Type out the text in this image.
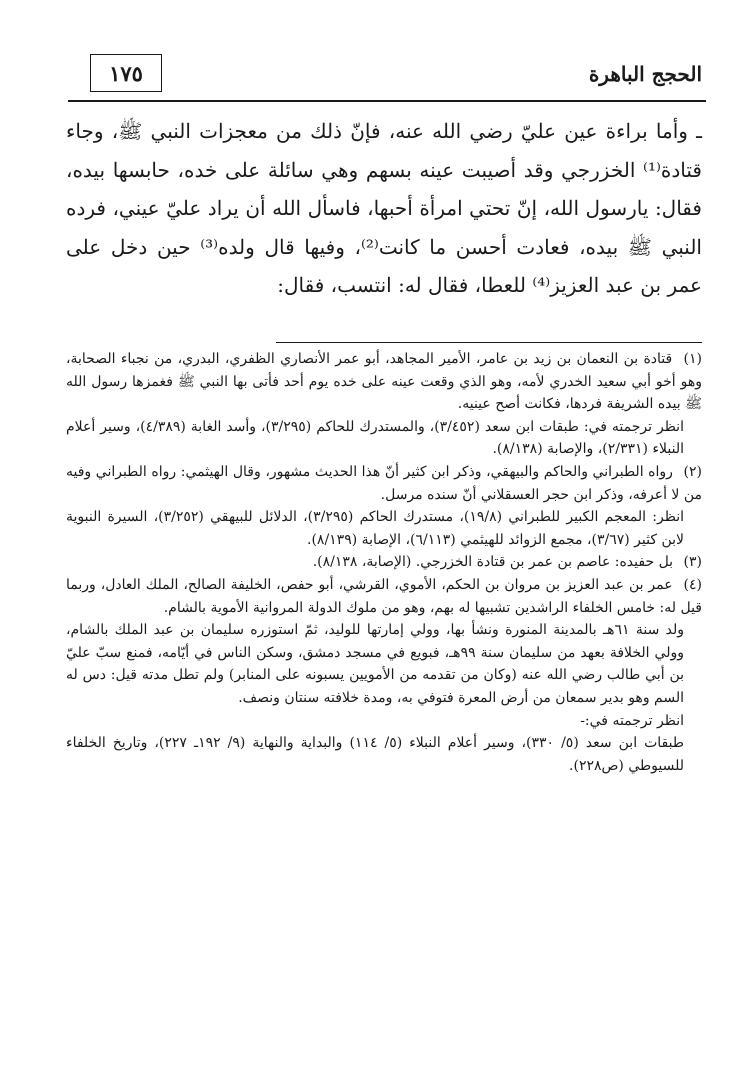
١٧٥	الحجج الباهرة

ـ وأما براءة عين عليّ رضي الله عنه، فإنّ ذلك من معجزات النبي ﷺ، وجاء قتادة⁽¹⁾ الخزرجي وقد أصيبت عينه بسهم وهي سائلة على خده، حابسها بيده، فقال: يارسول الله، إنّ تحتي امرأة أحبها، فاسأل الله أن يراد عليّ عيني، فرده النبي ﷺ بيده، فعادت أحسن ما كانت⁽²⁾، وفيها قال ولده⁽³⁾ حين دخل على عمر بن عبد العزيز⁽⁴⁾ للعطا، فقال له: انتسب، فقال:

(١) قتادة بن النعمان بن زيد بن عامر، الأمير المجاهد، أبو عمر الأنصاري الظفري، البدري، من نجباء الصحابة، وهو أخو أبي سعيد الخدري لأمه، وهو الذي وقعت عينه على خده يوم أحد فأتى بها النبي ﷺ فغمزها رسول الله ﷺ بيده الشريفة فردها، فكانت أصح عينيه.

انظر ترجمته في: طبقات ابن سعد (٣/٤٥٢)، والمستدرك للحاكم (٣/٢٩٥)، وأسد الغابة (٤/٣٨٩)، وسير أعلام النبلاء (٢/٣٣١)، والإصابة (٨/١٣٨).

(٢) رواه الطبراني والحاكم والبيهقي، وذكر ابن كثير أنّ هذا الحديث مشهور، وقال الهيثمي: رواه الطبراني وفيه من لا أعرفه، وذكر ابن حجر العسقلاني أنّ سنده مرسل.

انظر: المعجم الكبير للطبراني (١٩/٨)، مستدرك الحاكم (٣/٢٩٥)، الدلائل للبيهقي (٣/٢٥٢)، السيرة النبوية لابن كثير (٣/٦٧)، مجمع الزوائد للهيثمي (٦/١١٣)، الإصابة (٨/١٣٩).

(٣) بل حفيده: عاصم بن عمر بن قتادة الخزرجي. (الإصابة، ٨/١٣٨).

(٤) عمر بن عبد العزيز بن مروان بن الحكم، الأموي، القرشي، أبو حفص، الخليفة الصالح، الملك العادل، وربما قيل له: خامس الخلفاء الراشدين تشبيها له بهم، وهو من ملوك الدولة المروانية الأموية بالشام.

ولد سنة ٦١هـ بالمدينة المنورة ونشأ بها، وولي إمارتها للوليد، ثمّ استوزره سليمان بن عبد الملك بالشام، وولي الخلافة بعهد من سليمان سنة ٩٩هـ، فبويع في مسجد دمشق، وسكن الناس في أيّامه، فمنع سبّ عليّ بن أبي طالب رضي الله عنه (وكان من تقدمه من الأمويين يسبونه على المنابر) ولم تطل مدته قيل: دس له السم وهو بدير سمعان من أرض المعرة فتوفي به، ومدة خلافته سنتان ونصف.

انظر ترجمته في:-

طبقات ابن سعد (٥/ ٣٣٠)، وسير أعلام النبلاء (٥/ ١١٤) والبداية والنهاية (٩/ ١٩٢ـ ٢٢٧)، وتاريخ الخلفاء للسيوطي (ص٢٢٨).
